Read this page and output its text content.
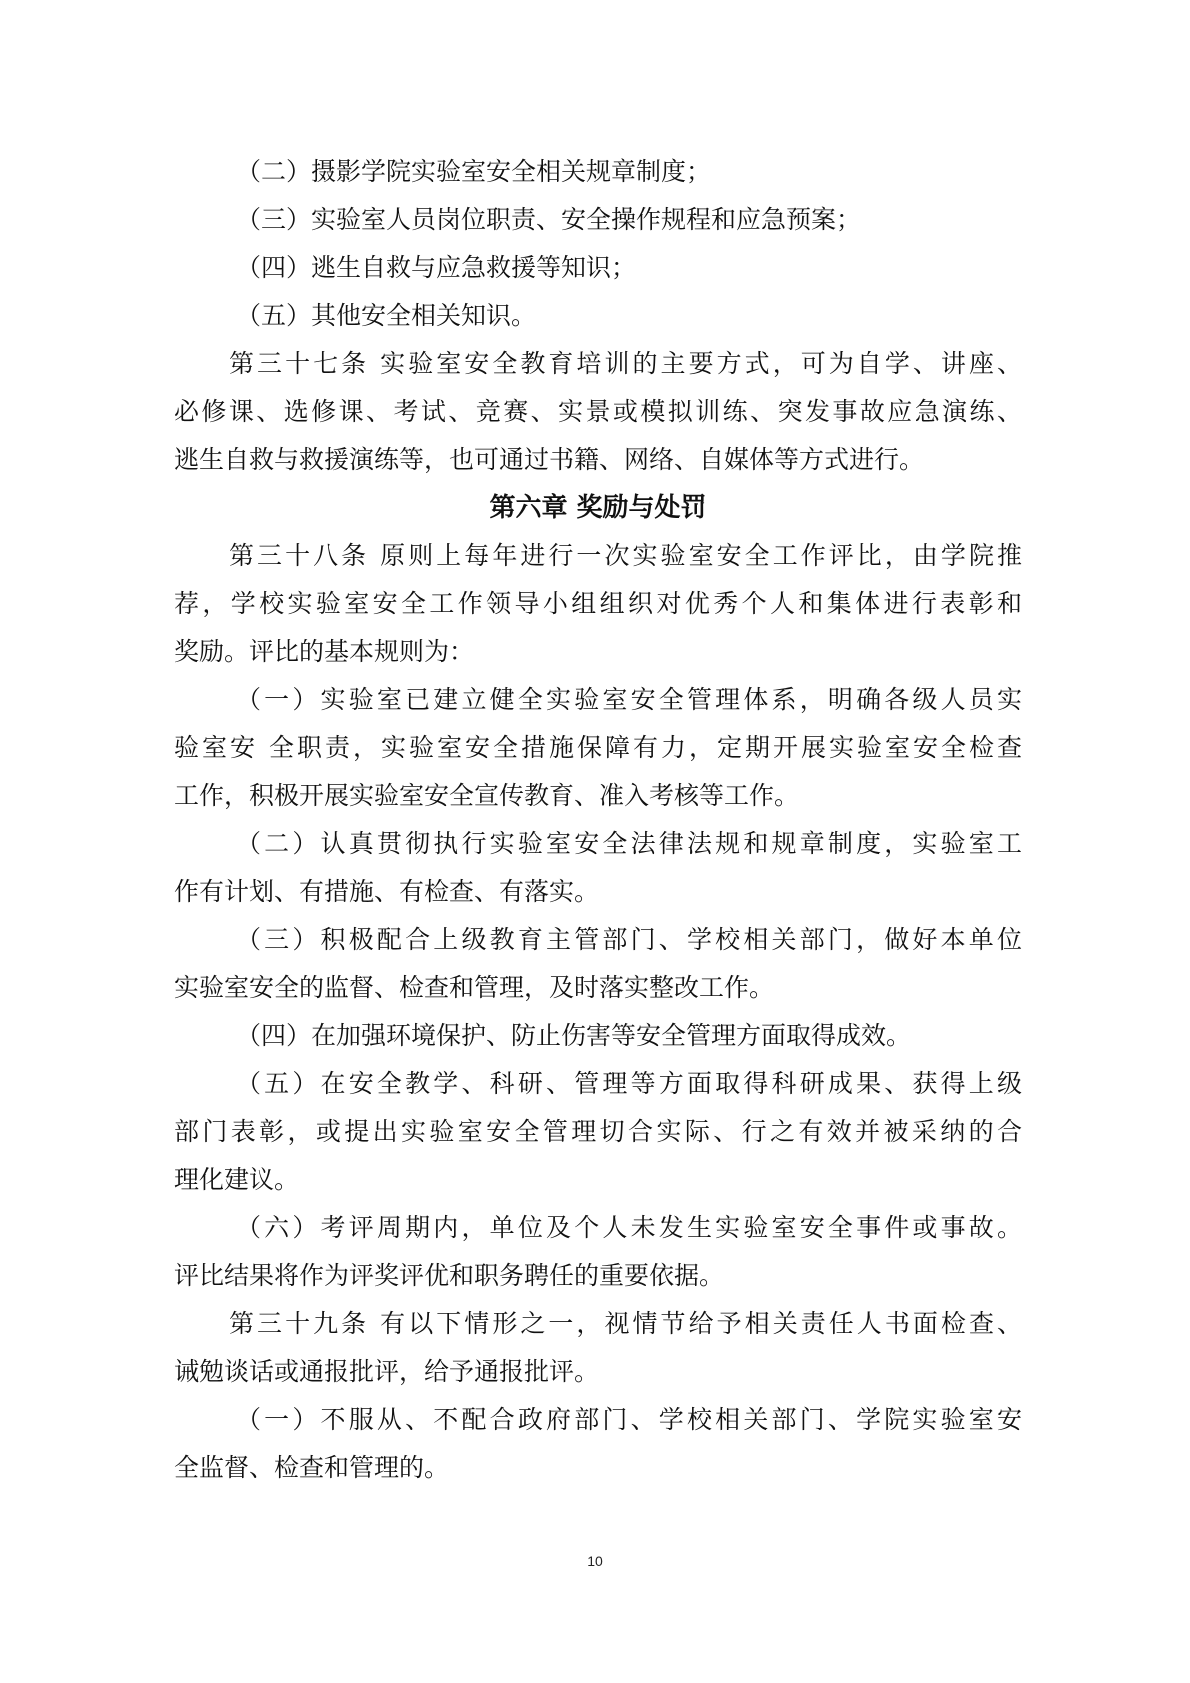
（二）摄影学院实验室安全相关规章制度；
（三）实验室人员岗位职责、安全操作规程和应急预案；
（四）逃生自救与应急救援等知识；
（五）其他安全相关知识。
第三十七条 实验室安全教育培训的主要方式，可为自学、讲座、
必修课、选修课、考试、竞赛、实景或模拟训练、突发事故应急演练、
逃生自救与救援演练等，也可通过书籍、网络、自媒体等方式进行。
第六章 奖励与处罚
第三十八条 原则上每年进行一次实验室安全工作评比，由学院推
荐，学校实验室安全工作领导小组组织对优秀个人和集体进行表彰和
奖励。评比的基本规则为：
（一）实验室已建立健全实验室安全管理体系，明确各级人员实
验室安 全职责，实验室安全措施保障有力，定期开展实验室安全检查
工作，积极开展实验室安全宣传教育、准入考核等工作。
（二）认真贯彻执行实验室安全法律法规和规章制度，实验室工
作有计划、有措施、有检查、有落实。
（三）积极配合上级教育主管部门、学校相关部门，做好本单位
实验室安全的监督、检查和管理，及时落实整改工作。
（四）在加强环境保护、防止伤害等安全管理方面取得成效。
（五）在安全教学、科研、管理等方面取得科研成果、获得上级
部门表彰，或提出实验室安全管理切合实际、行之有效并被采纳的合
理化建议。
（六）考评周期内，单位及个人未发生实验室安全事件或事故。
评比结果将作为评奖评优和职务聘任的重要依据。
第三十九条 有以下情形之一，视情节给予相关责任人书面检查、
诫勉谈话或通报批评，给予通报批评。
（一）不服从、不配合政府部门、学校相关部门、学院实验室安
全监督、检查和管理的。
10
